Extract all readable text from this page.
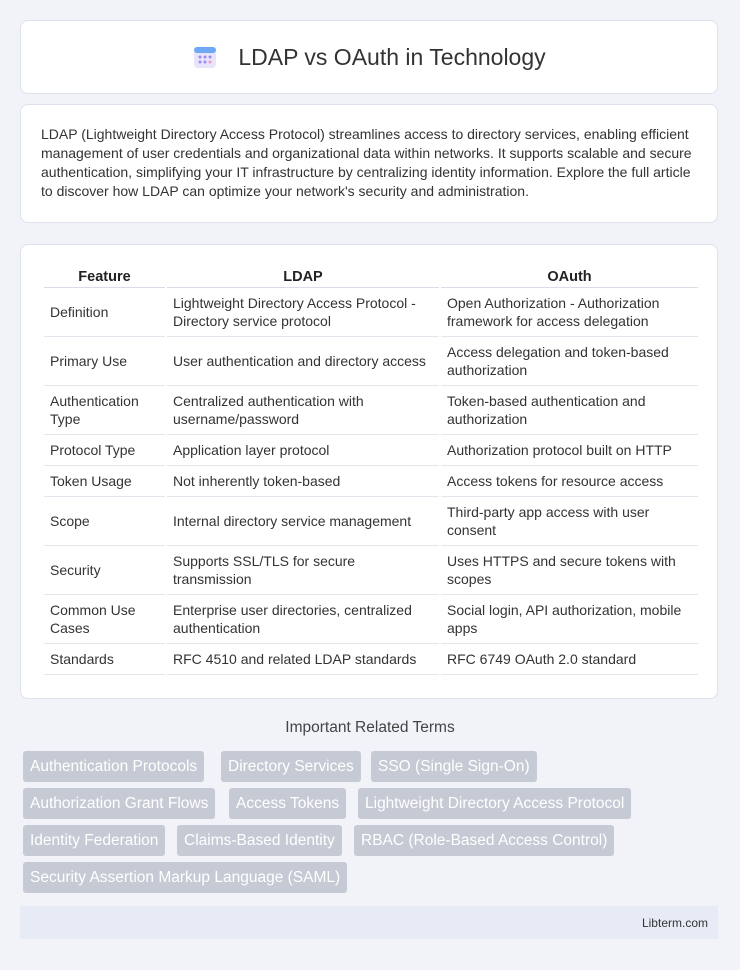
LDAP vs OAuth in Technology

LDAP (Lightweight Directory Access Protocol) streamlines access to directory services, enabling efficient management of user credentials and organizational data within networks. It supports scalable and secure authentication, simplifying your IT infrastructure by centralizing identity information. Explore the full article to discover how LDAP can optimize your network's security and administration.

Feature	LDAP	OAuth
Definition	Lightweight Directory Access Protocol - Directory service protocol	Open Authorization - Authorization framework for access delegation
Primary Use	User authentication and directory access	Access delegation and token-based authorization
Authentication Type	Centralized authentication with username/password	Token-based authentication and authorization
Protocol Type	Application layer protocol	Authorization protocol built on HTTP
Token Usage	Not inherently token-based	Access tokens for resource access
Scope	Internal directory service management	Third-party app access with user consent
Security	Supports SSL/TLS for secure transmission	Uses HTTPS and secure tokens with scopes
Common Use Cases	Enterprise user directories, centralized authentication	Social login, API authorization, mobile apps
Standards	RFC 4510 and related LDAP standards	RFC 6749 OAuth 2.0 standard
Important Related Terms
Authentication Protocols	Directory Services	SSO (Single Sign-On)
Authorization Grant Flows	Access Tokens	Lightweight Directory Access Protocol
Identity Federation	Claims-Based Identity	RBAC (Role-Based Access Control)
Security Assertion Markup Language (SAML)
Libterm.com
